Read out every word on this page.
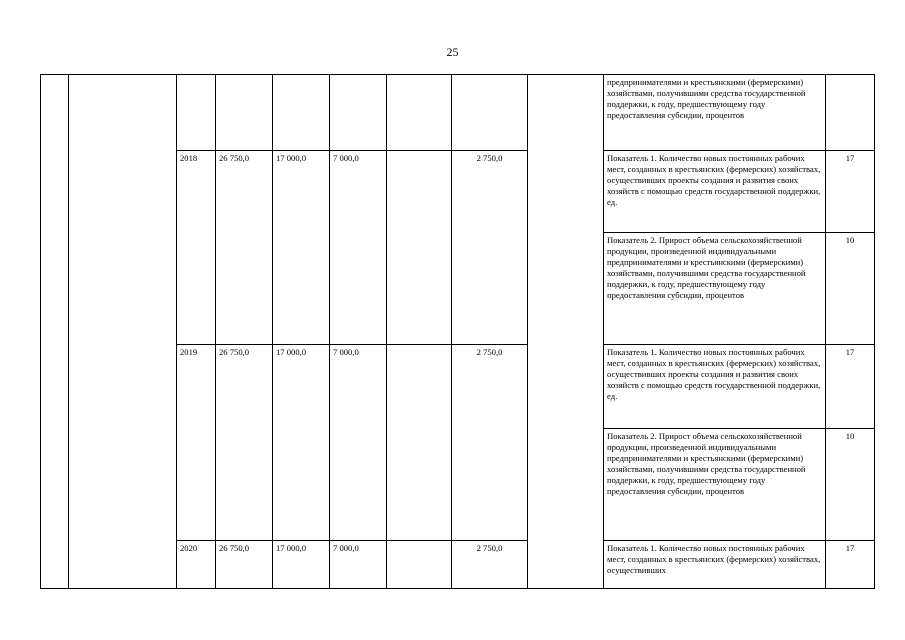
25
									предпринимателями и крестьянскими (фермерскими) хозяйствами, получившими средства государственной поддержки, к году, предшествующему году предоставления субсидии, процентов	
		2018	26 750,0	17 000,0	7 000,0		2 750,0		Показатель 1. Количество новых постоянных рабочих мест, созданных в крестьянских (фермерских) хозяйствах, осуществивших проекты создания и развития своих хозяйств с помощью средств государственной поддержки, ед.	17
									Показатель 2. Прирост объема сельскохозяйственной продукции, произведенной индивидуальными предпринимателями и крестьянскими (фермерскими) хозяйствами, получившими средства государственной поддержки, к году, предшествующему году предоставления субсидии, процентов	10
		2019	26 750,0	17 000,0	7 000,0		2 750,0		Показатель 1. Количество новых постоянных рабочих мест, созданных в крестьянских (фермерских) хозяйствах, осуществивших проекты создания и развития своих хозяйств с помощью средств государственной поддержки, ед.	17
									Показатель 2. Прирост объема сельскохозяйственной продукции, произведенной индивидуальными предпринимателями и крестьянскими (фермерскими) хозяйствами, получившими средства государственной поддержки, к году, предшествующему году предоставления субсидии, процентов	10
		2020	26 750,0	17 000,0	7 000,0		2 750,0		Показатель 1. Количество новых постоянных рабочих мест, созданных в крестьянских (фермерских) хозяйствах, осуществивших	17
